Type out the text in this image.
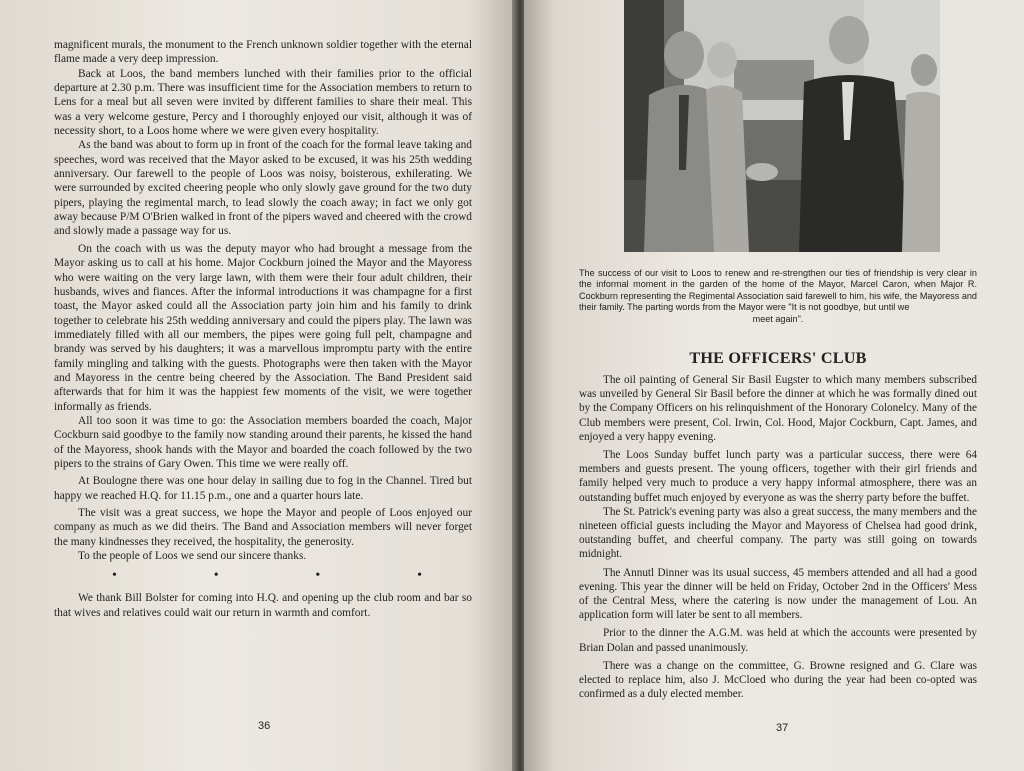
magnificent murals, the monument to the French unknown soldier together with the eternal flame made a very deep impression.

Back at Loos, the band members lunched with their families prior to the official departure at 2.30 p.m. There was insufficient time for the Association members to return to Lens for a meal but all seven were invited by different families to share their meal. This was a very welcome gesture, Percy and I thoroughly enjoyed our visit, although it was of necessity short, to a Loos home where we were given every hospitality.

As the band was about to form up in front of the coach for the formal leave taking and speeches, word was received that the Mayor asked to be excused, it was his 25th wedding anniversary. Our farewell to the people of Loos was noisy, boisterous, exhilerating. We were surrounded by excited cheering people who only slowly gave ground for the two duty pipers, playing the regimental march, to lead slowly the coach away; in fact we only got away because P/M O'Brien walked in front of the pipers waved and cheered with the crowd and slowly made a passage way for us.

On the coach with us was the deputy mayor who had brought a message from the Mayor asking us to call at his home. Major Cockburn joined the Mayor and the Mayoress who were waiting on the very large lawn, with them were their four adult children, their husbands, wives and fiances. After the informal introductions it was champagne for a first toast, the Mayor asked could all the Association party join him and his family to drink together to celebrate his 25th wedding anniversary and could the pipers play. The lawn was immediately filled with all our members, the pipes were going full pelt, champagne and brandy was served by his daughters; it was a marvellous impromptu party with the entire family mingling and talking with the guests. Photographs were then taken with the Mayor and Mayoress in the centre being cheered by the Association. The Band President said afterwards that for him it was the happiest few moments of the visit, we were together informally as friends.

All too soon it was time to go: the Association members boarded the coach, Major Cockburn said goodbye to the family now standing around their parents, he kissed the hand of the Mayoress, shook hands with the Mayor and boarded the coach followed by the two pipers to the strains of Gary Owen. This time we were really off.

At Boulogne there was one hour delay in sailing due to fog in the Channel. Tired but happy we reached H.Q. for 11.15 p.m., one and a quarter hours late.

The visit was a great success, we hope the Mayor and people of Loos enjoyed our company as much as we did theirs. The Band and Association members will never forget the many kindnesses they received, the hospitality, the generosity.

To the people of Loos we send our sincere thanks.

•	•	•	•

We thank Bill Bolster for coming into H.Q. and opening up the club room and bar so that wives and relatives could wait our return in warmth and comfort.

36
The success of our visit to Loos to renew and re-strengthen our ties of friendship is very clear in the informal moment in the garden of the home of the Mayor, Marcel Caron, when Major R. Cockburn representing the Regimental Association said farewell to him, his wife, the Mayoress and their family. The parting words from the Mayor were "It is not goodbye, but until we
meet again".
THE OFFICERS' CLUB

The oil painting of General Sir Basil Eugster to which many members subscribed was unveiled by General Sir Basil before the dinner at which he was formally dined out by the Company Officers on his relinquishment of the Honorary Colonelcy. Many of the Club members were present, Col. Irwin, Col. Hood, Major Cockburn, Capt. James, and enjoyed a very happy evening.

The Loos Sunday buffet lunch party was a particular success, there were 64 members and guests present. The young officers, together with their girl friends and family helped very much to produce a very happy informal atmosphere, there was an outstanding buffet much enjoyed by everyone as was the sherry party before the buffet.

The St. Patrick's evening party was also a great success, the many members and the nineteen official guests including the Mayor and Mayoress of Chelsea had good drink, outstanding buffet, and cheerful company. The party was still going on towards midnight.

The Annutl Dinner was its usual success, 45 members attended and all had a good evening. This year the dinner will be held on Friday, October 2nd in the Officers' Mess of the Central Mess, where the catering is now under the management of Lou. An application form will later be sent to all members.

Prior to the dinner the A.G.M. was held at which the accounts were presented by Brian Dolan and passed unanimously.

There was a change on the committee, G. Browne resigned and G. Clare was elected to replace him, also J. McCloed who during the year had been co-opted was confirmed as a duly elected member.

37
